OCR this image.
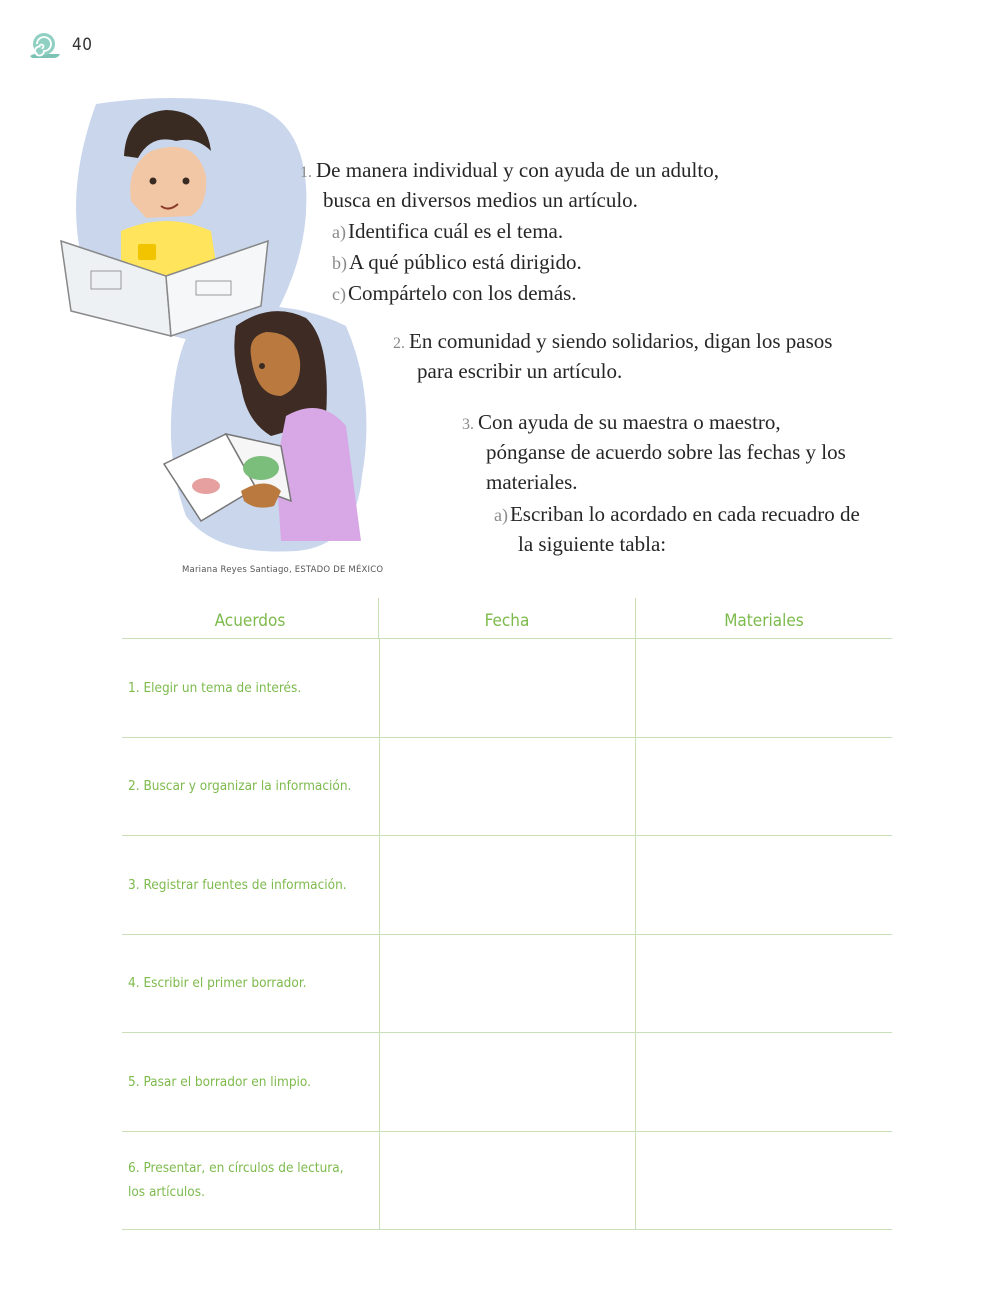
40
Mariana Reyes Santiago, ESTADO DE MÉXICO
1. De manera individual y con ayuda de un adulto,
busca en diversos medios un artículo.
a)Identifica cuál es el tema.
b)A qué público está dirigido.
c)Compártelo con los demás.
2. En comunidad y siendo solidarios, digan los pasos
para escribir un artículo.
3. Con ayuda de su maestra o maestro,
pónganse de acuerdo sobre las fechas y los
materiales.
a)Escriban lo acordado en cada recuadro de
la siguiente tabla:
Acuerdos	Fecha	Materiales
1. Elegir un tema de interés.
2. Buscar y organizar la información.
3. Registrar fuentes de información.
4. Escribir el primer borrador.
5. Pasar el borrador en limpio.
6. Presentar, en círculos de lectura,
los artículos.
